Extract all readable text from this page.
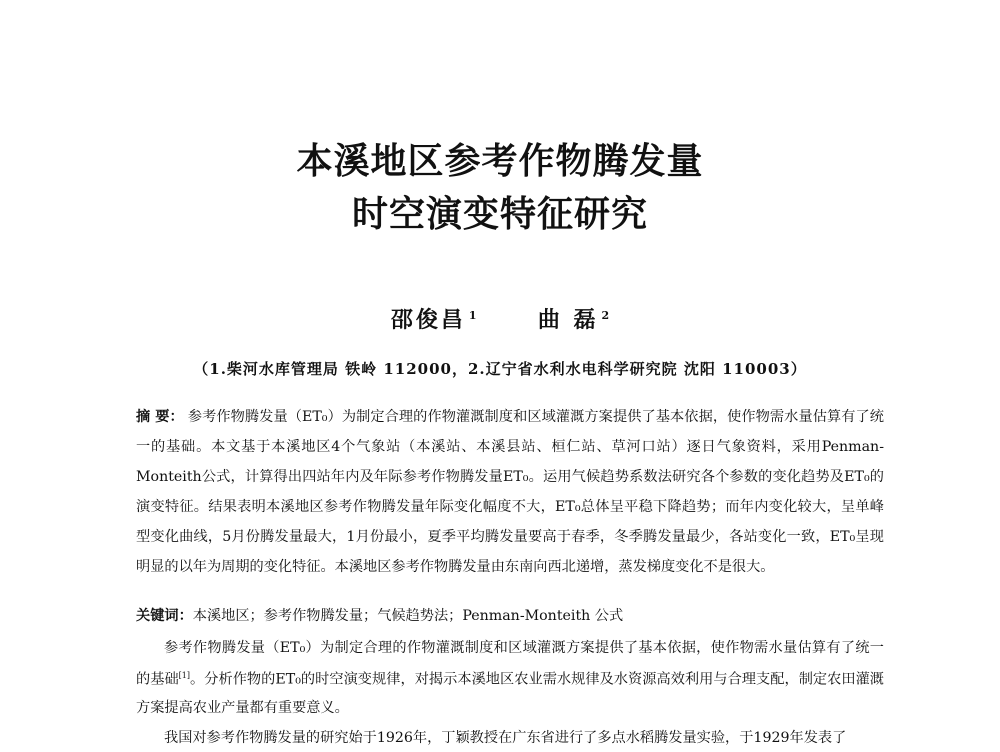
本溪地区参考作物腾发量
时空演变特征研究
邵俊昌 $^1$	曲 磊 $^2$
（1.柴河水库管理局 铁岭 112000，2.辽宁省水利水电科学研究院 沈阳 110003）
摘 要： 参考作物腾发量（ET₀）为制定合理的作物灌溉制度和区域灌溉方案提供了基本依据，使作物需水量估算有了统一的基础。本文基于本溪地区4个气象站（本溪站、本溪县站、桓仁站、草河口站）逐日气象资料，采用Penman-Monteith公式，计算得出四站年内及年际参考作物腾发量ET₀。运用气候趋势系数法研究各个参数的变化趋势及ET₀的演变特征。结果表明本溪地区参考作物腾发量年际变化幅度不大，ET₀总体呈平稳下降趋势；而年内变化较大，呈单峰型变化曲线，5月份腾发量最大，1月份最小，夏季平均腾发量要高于春季，冬季腾发量最少，各站变化一致，ET₀呈现明显的以年为周期的变化特征。本溪地区参考作物腾发量由东南向西北递增，蒸发梯度变化不是很大。
关键词：本溪地区；参考作物腾发量；气候趋势法；Penman-Monteith 公式

参考作物腾发量（ET₀）为制定合理的作物灌溉制度和区域灌溉方案提供了基本依据，使作物需水量估算有了统一的基础[1]。分析作物的ET₀的时空演变规律，对揭示本溪地区农业需水规律及水资源高效利用与合理支配，制定农田灌溉方案提高农业产量都有重要意义。

我国对参考作物腾发量的研究始于1926年，丁颖教授在广东省进行了多点水稻腾发量实验，于1929年发表了
